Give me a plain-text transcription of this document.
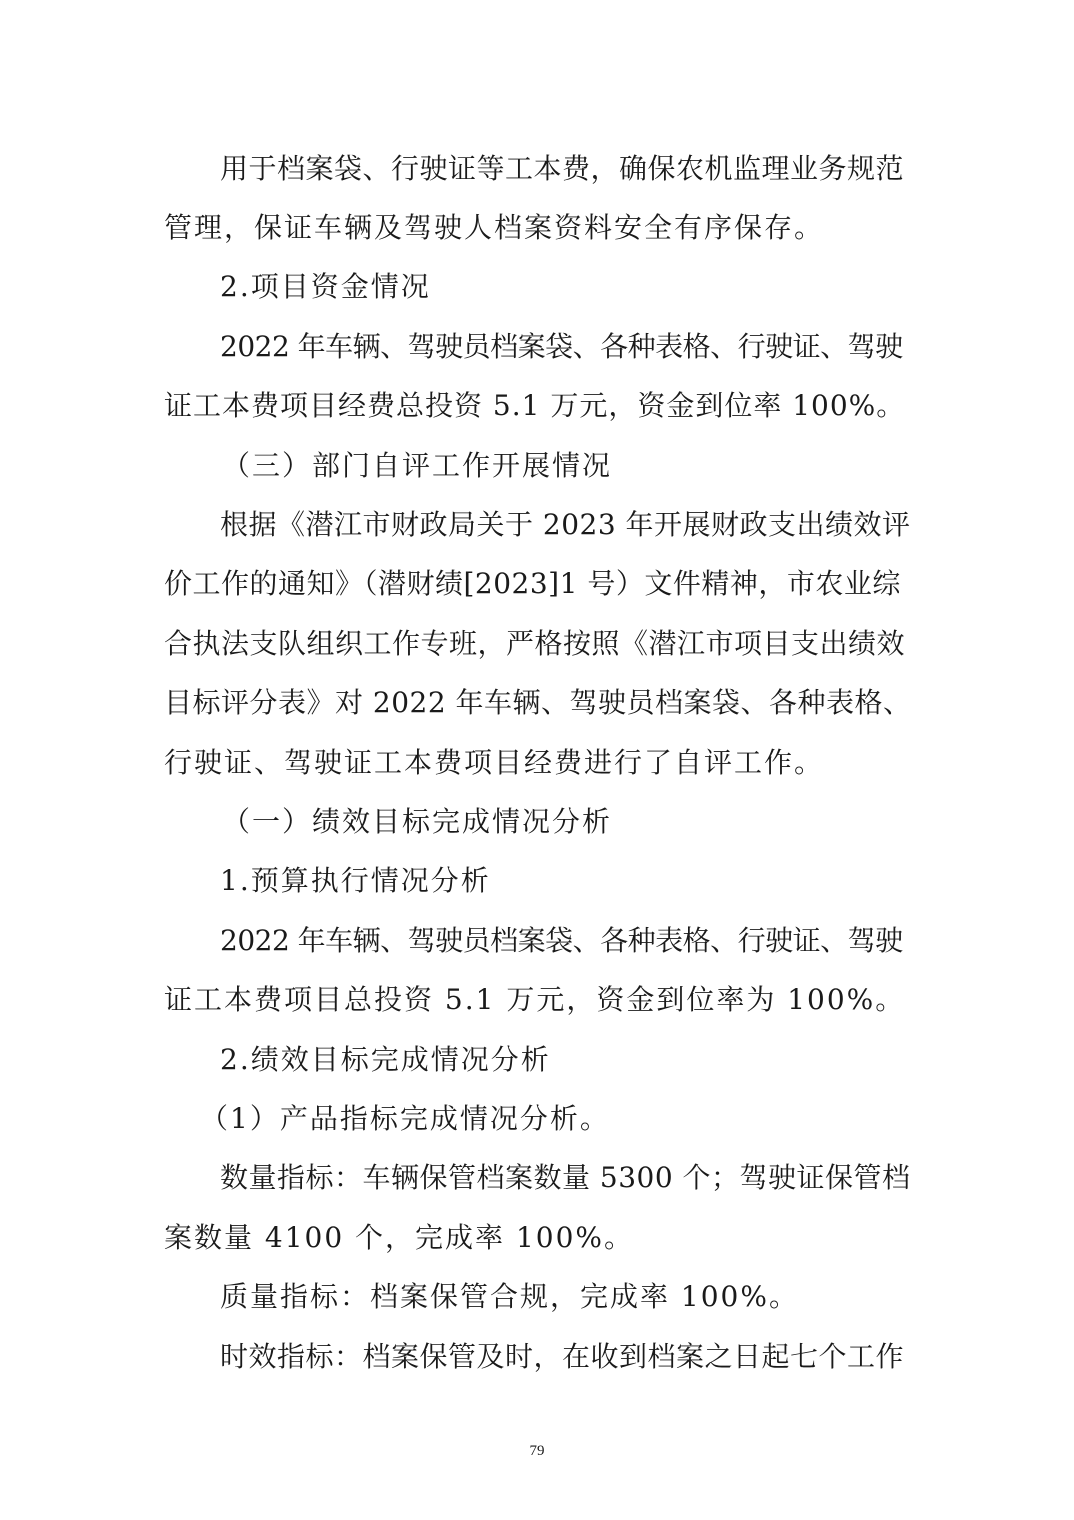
用于档案袋、行驶证等工本费，确保农机监理业务规范
管理，保证车辆及驾驶人档案资料安全有序保存。
2.项目资金情况
2022 年车辆、驾驶员档案袋、各种表格、行驶证、驾驶
证工本费项目经费总投资 5.1 万元，资金到位率 100%。
（三）部门自评工作开展情况
根据《潜江市财政局关于 2023 年开展财政支出绩效评
价工作的通知》（潜财绩[2023]1 号）文件精神，市农业综
合执法支队组织工作专班，严格按照《潜江市项目支出绩效
目标评分表》对 2022 年车辆、驾驶员档案袋、各种表格、
行驶证、驾驶证工本费项目经费进行了自评工作。
（一）绩效目标完成情况分析
1.预算执行情况分析
2022 年车辆、驾驶员档案袋、各种表格、行驶证、驾驶
证工本费项目总投资 5.1 万元，资金到位率为 100%。
2.绩效目标完成情况分析
（1）产品指标完成情况分析。
数量指标：车辆保管档案数量 5300 个；驾驶证保管档
案数量 4100 个，完成率 100%。
质量指标：档案保管合规，完成率 100%。
时效指标：档案保管及时，在收到档案之日起七个工作
79
